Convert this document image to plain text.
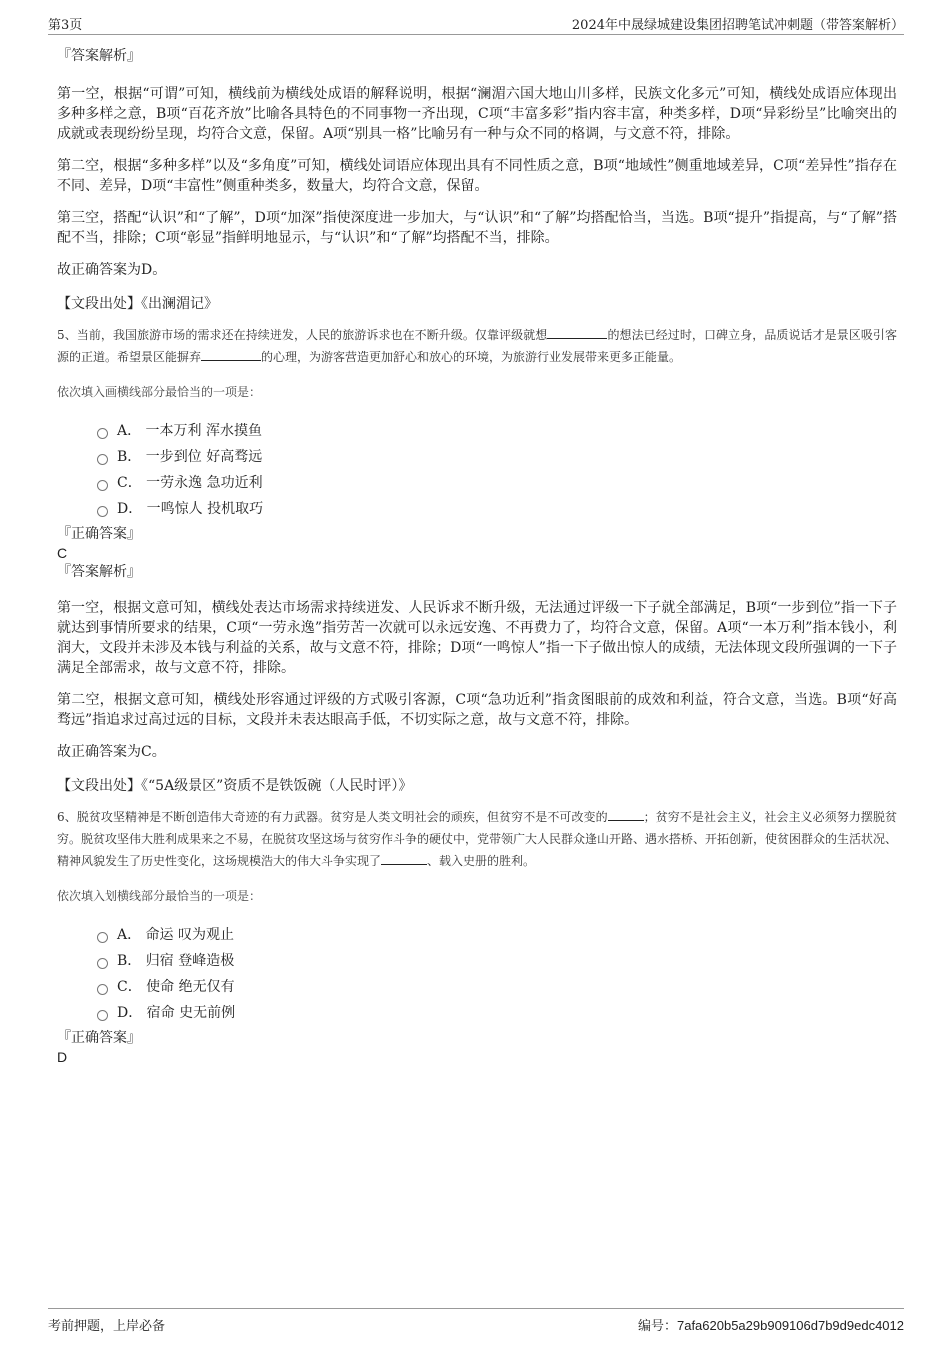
第3页	2024年中晟绿城建设集团招聘笔试冲刺题（带答案解析）

『答案解析』

第一空，根据“可谓”可知，横线前为横线处成语的解释说明，根据“澜湄六国大地山川多样，民族文化多元”可知，横线处成语应体现出多种多样之意，B项“百花齐放”比喻各具特色的不同事物一齐出现，C项“丰富多彩”指内容丰富，种类多样，D项“异彩纷呈”比喻突出的成就或表现纷纷呈现，均符合文意，保留。A项“别具一格”比喻另有一种与众不同的格调，与文意不符，排除。

第二空，根据“多种多样”以及“多角度”可知，横线处词语应体现出具有不同性质之意，B项“地域性”侧重地域差异，C项“差异性”指存在不同、差异，D项“丰富性”侧重种类多，数量大，均符合文意，保留。

第三空，搭配“认识”和“了解”，D项“加深”指使深度进一步加大，与“认识”和“了解”均搭配恰当，当选。B项“提升”指提高，与“了解”搭配不当，排除；C项“彰显”指鲜明地显示，与“认识”和“了解”均搭配不当，排除。

故正确答案为D。

【文段出处】《出澜湄记》

5、当前，我国旅游市场的需求还在持续迸发，人民的旅游诉求也在不断升级。仅靠评级就想	的想法已经过时，口碑立身，品质说话才是景区吸引客源的正道。希望景区能摒弃	的心理，为游客营造更加舒心和放心的环境，为旅游行业发展带来更多正能量。

依次填入画横线部分最恰当的一项是：

A． 一本万利 浑水摸鱼
B． 一步到位 好高骛远
C． 一劳永逸 急功近利
D． 一鸣惊人 投机取巧

『正确答案』

C

『答案解析』

第一空，根据文意可知，横线处表达市场需求持续迸发、人民诉求不断升级，无法通过评级一下子就全部满足，B项“一步到位”指一下子就达到事情所要求的结果，C项“一劳永逸”指劳苦一次就可以永远安逸、不再费力了，均符合文意，保留。A项“一本万利”指本钱小，利润大，文段并未涉及本钱与利益的关系，故与文意不符，排除；D项“一鸣惊人”指一下子做出惊人的成绩，无法体现文段所强调的一下子满足全部需求，故与文意不符，排除。

第二空，根据文意可知，横线处形容通过评级的方式吸引客源，C项“急功近利”指贪图眼前的成效和利益，符合文意，当选。B项“好高骛远”指追求过高过远的目标，文段并未表达眼高手低，不切实际之意，故与文意不符，排除。

故正确答案为C。

【文段出处】《“5A级景区”资质不是铁饭碗（人民时评）》

6、脱贫攻坚精神是不断创造伟大奇迹的有力武器。贫穷是人类文明社会的顽疾，但贫穷不是不可改变的	；贫穷不是社会主义，社会主义必须努力摆脱贫穷。脱贫攻坚伟大胜利成果来之不易，在脱贫攻坚这场与贫穷作斗争的硬仗中，党带领广大人民群众逢山开路、遇水搭桥、开拓创新，使贫困群众的生活状况、精神风貌发生了历史性变化，这场规模浩大的伟大斗争实现了	、载入史册的胜利。

依次填入划横线部分最恰当的一项是：

A． 命运 叹为观止
B． 归宿 登峰造极
C． 使命 绝无仅有
D． 宿命 史无前例

『正确答案』

D

考前押题，上岸必备	编号：7afa620b5a29b909106d7b9d9edc4012
